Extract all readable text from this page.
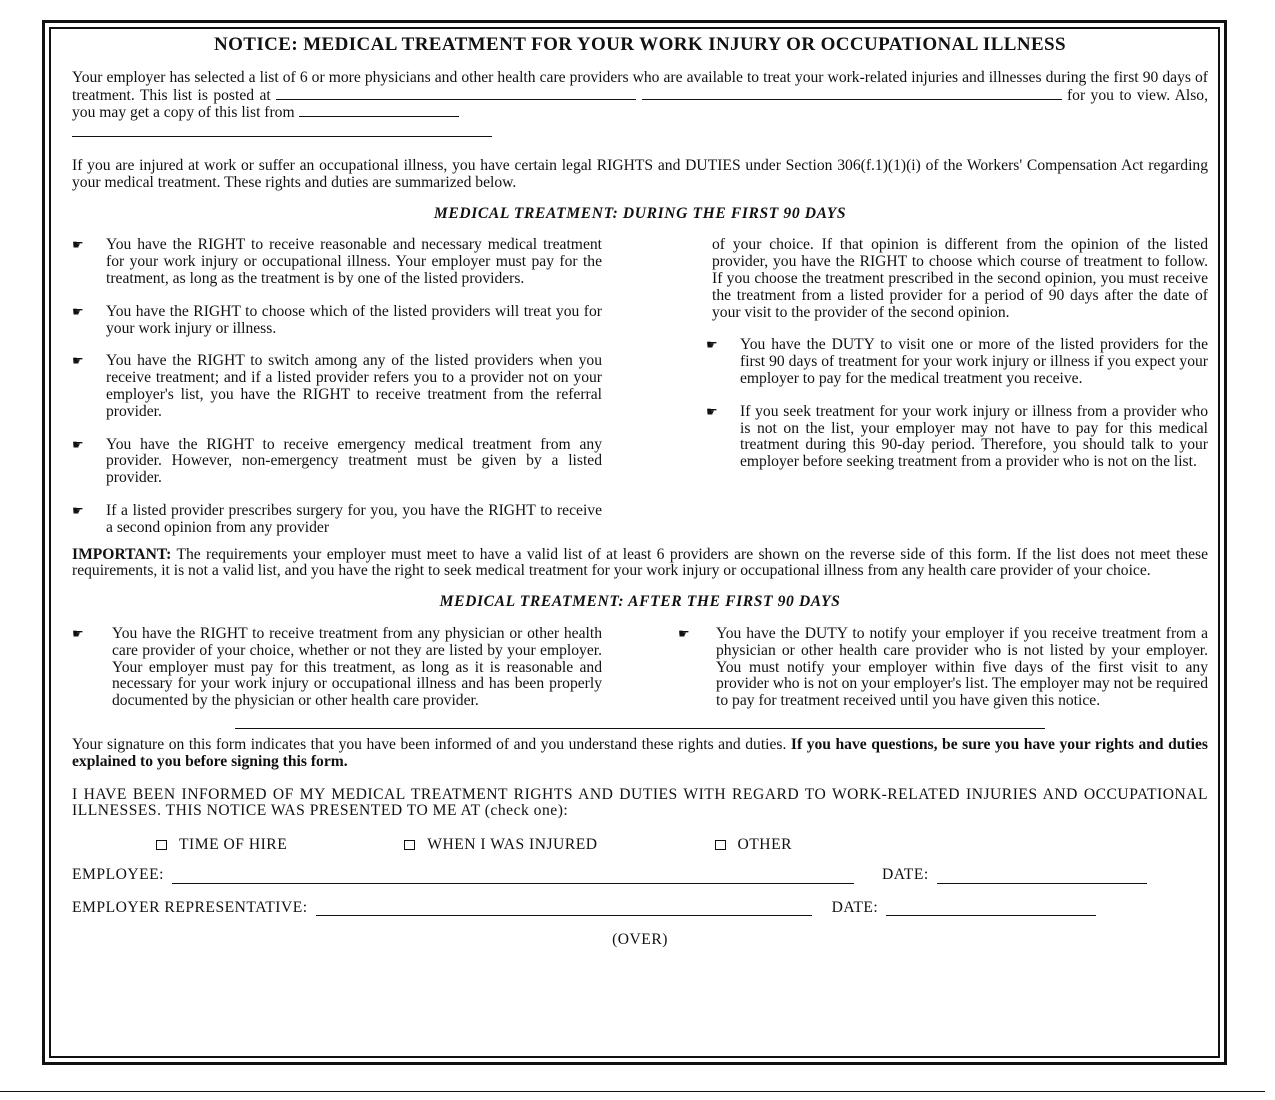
NOTICE: MEDICAL TREATMENT FOR YOUR WORK INJURY OR OCCUPATIONAL ILLNESS

Your employer has selected a list of 6 or more physicians and other health care providers who are available to treat your work-related injuries and illnesses during the first 90 days of treatment. This list is posted at	for you to view. Also, you may get a copy of this list from

If you are injured at work or suffer an occupational illness, you have certain legal RIGHTS and DUTIES under Section 306(f.1)(1)(i) of the Workers' Compensation Act regarding your medical treatment. These rights and duties are summarized below.

MEDICAL TREATMENT: DURING THE FIRST 90 DAYS
☛	You have the RIGHT to receive reasonable and necessary medical treatment for your work injury or occupational illness. Your employer must pay for the treatment, as long as the treatment is by one of the listed providers.
☛	You have the RIGHT to choose which of the listed providers will treat you for your work injury or illness.
☛	You have the RIGHT to switch among any of the listed providers when you receive treatment; and if a listed provider refers you to a provider not on your employer's list, you have the RIGHT to receive treatment from the referral provider.
☛	You have the RIGHT to receive emergency medical treatment from any provider. However, non-emergency treatment must be given by a listed provider.
☛	If a listed provider prescribes surgery for you, you have the RIGHT to receive a second opinion from any provider
of your choice. If that opinion is different from the opinion of the listed provider, you have the RIGHT to choose which course of treatment to follow. If you choose the treatment prescribed in the second opinion, you must receive the treatment from a listed provider for a period of 90 days after the date of your visit to the provider of the second opinion.
☛	You have the DUTY to visit one or more of the listed providers for the first 90 days of treatment for your work injury or illness if you expect your employer to pay for the medical treatment you receive.
☛	If you seek treatment for your work injury or illness from a provider who is not on the list, your employer may not have to pay for this medical treatment during this 90-day period. Therefore, you should talk to your employer before seeking treatment from a provider who is not on the list.

IMPORTANT: The requirements your employer must meet to have a valid list of at least 6 providers are shown on the reverse side of this form. If the list does not meet these requirements, it is not a valid list, and you have the right to seek medical treatment for your work injury or occupational illness from any health care provider of your choice.

MEDICAL TREATMENT: AFTER THE FIRST 90 DAYS
☛	You have the RIGHT to receive treatment from any physician or other health care provider of your choice, whether or not they are listed by your employer. Your employer must pay for this treatment, as long as it is reasonable and necessary for your work injury or occupational illness and has been properly documented by the physician or other health care provider.
☛	You have the DUTY to notify your employer if you receive treatment from a physician or other health care provider who is not listed by your employer. You must notify your employer within five days of the first visit to any provider who is not on your employer's list. The employer may not be required to pay for treatment received until you have given this notice.

Your signature on this form indicates that you have been informed of and you understand these rights and duties. If you have questions, be sure you have your rights and duties explained to you before signing this form.

I HAVE BEEN INFORMED OF MY MEDICAL TREATMENT RIGHTS AND DUTIES WITH REGARD TO WORK-RELATED INJURIES AND OCCUPATIONAL ILLNESSES. THIS NOTICE WAS PRESENTED TO ME AT (check one):

TIME OF HIRE	WHEN I WAS INJURED	OTHER
EMPLOYEE:	DATE:
EMPLOYER REPRESENTATIVE:	DATE:
(OVER)
